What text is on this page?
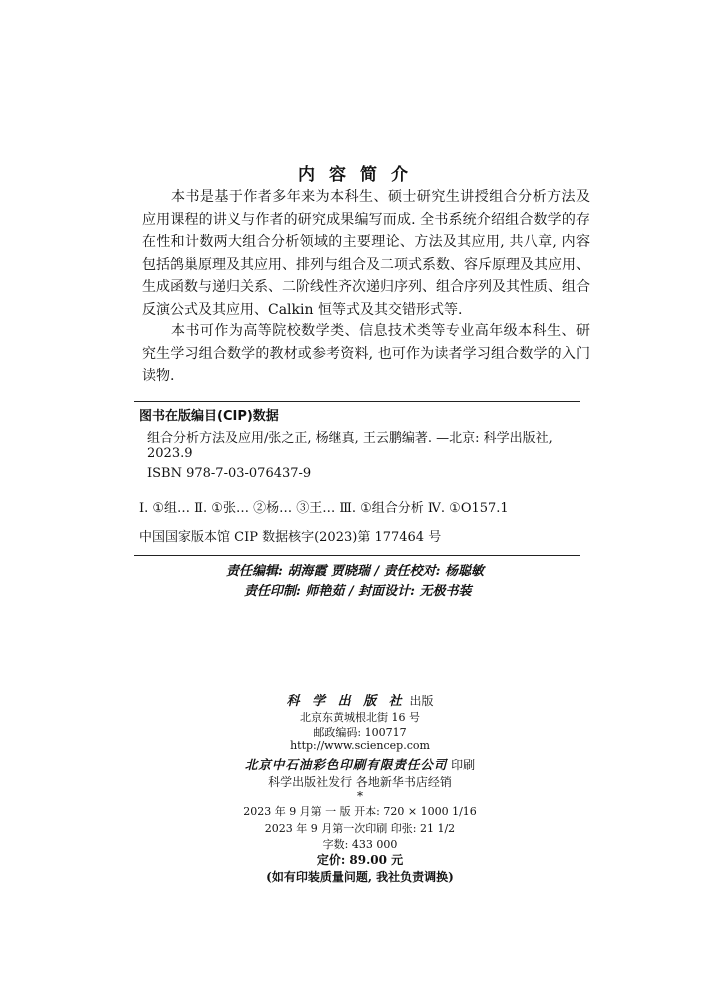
内容简介

本书是基于作者多年来为本科生、硕士研究生讲授组合分析方法及应用课程的讲义与作者的研究成果编写而成. 全书系统介绍组合数学的存在性和计数两大组合分析领域的主要理论、方法及其应用, 共八章, 内容包括鸽巢原理及其应用、排列与组合及二项式系数、容斥原理及其应用、生成函数与递归关系、二阶线性齐次递归序列、组合序列及其性质、组合反演公式及其应用、Calkin 恒等式及其交错形式等.

本书可作为高等院校数学类、信息技术类等专业高年级本科生、研究生学习组合数学的教材或参考资料, 也可作为读者学习组合数学的入门读物.

图书在版编目(CIP)数据
组合分析方法及应用/张之正, 杨继真, 王云鹏编著. —北京: 科学出版社,
2023.9
ISBN 978-7-03-076437-9
Ⅰ. ①组… Ⅱ. ①张… ②杨… ③王… Ⅲ. ①组合分析 Ⅳ. ①O157.1
中国国家版本馆 CIP 数据核字(2023)第 177464 号
责任编辑: 胡海霞 贾晓瑞 / 责任校对: 杨聪敏
责任印制: 师艳茹 / 封面设计: 无极书装
科 学 出 版 社 出版
北京东黄城根北街 16 号
邮政编码: 100717
http://www.sciencep.com
北京中石油彩色印刷有限责任公司 印刷
科学出版社发行 各地新华书店经销
*
2023 年 9 月第 一 版 开本: 720 × 1000 1/16
2023 年 9 月第一次印刷 印张: 21 1/2
字数: 433 000
定价: 89.00 元
(如有印装质量问题, 我社负责调换)
